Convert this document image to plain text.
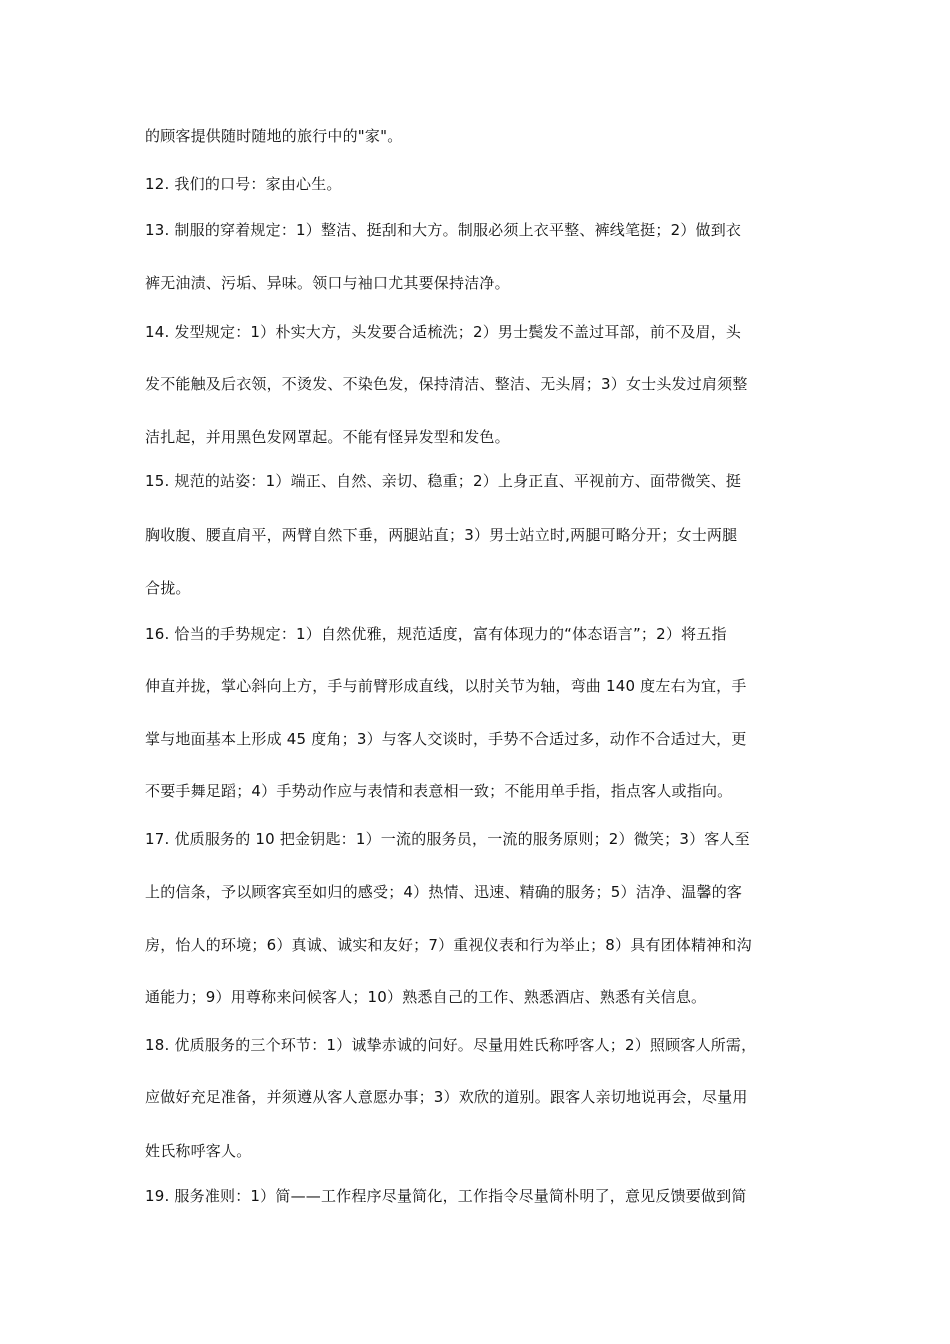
的顾客提供随时随地的旅行中的"家"。
12. 我们的口号：家由心生。
13. 制服的穿着规定：1）整洁、挺刮和大方。制服必须上衣平整、裤线笔挺；2）做到衣
裤无油渍、污垢、异味。领口与袖口尤其要保持洁净。
14. 发型规定：1）朴实大方，头发要合适梳洗；2）男士鬓发不盖过耳部，前不及眉，头
发不能触及后衣领，不烫发、不染色发，保持清洁、整洁、无头屑；3）女士头发过肩须整
洁扎起，并用黑色发网罩起。不能有怪异发型和发色。
15. 规范的站姿：1）端正、自然、亲切、稳重；2）上身正直、平视前方、面带微笑、挺
胸收腹、腰直肩平，两臂自然下垂，两腿站直；3）男士站立时,两腿可略分开；女士两腿
合拢。
16. 恰当的手势规定：1）自然优雅，规范适度，富有体现力的“体态语言”；2）将五指
伸直并拢，掌心斜向上方，手与前臂形成直线，以肘关节为轴，弯曲 140 度左右为宜，手
掌与地面基本上形成 45 度角；3）与客人交谈时，手势不合适过多，动作不合适过大，更
不要手舞足蹈；4）手势动作应与表情和表意相一致；不能用单手指，指点客人或指向。
17. 优质服务的 10 把金钥匙：1）一流的服务员，一流的服务原则；2）微笑；3）客人至
上的信条，予以顾客宾至如归的感受；4）热情、迅速、精确的服务；5）洁净、温馨的客
房，怡人的环境；6）真诚、诚实和友好；7）重视仪表和行为举止；8）具有团体精神和沟
通能力；9）用尊称来问候客人；10）熟悉自己的工作、熟悉酒店、熟悉有关信息。
18. 优质服务的三个环节：1）诚挚赤诚的问好。尽量用姓氏称呼客人；2）照顾客人所需，
应做好充足准备，并须遵从客人意愿办事；3）欢欣的道别。跟客人亲切地说再会，尽量用
姓氏称呼客人。
19. 服务准则：1）简——工作程序尽量简化，工作指令尽量简朴明了，意见反馈要做到简
